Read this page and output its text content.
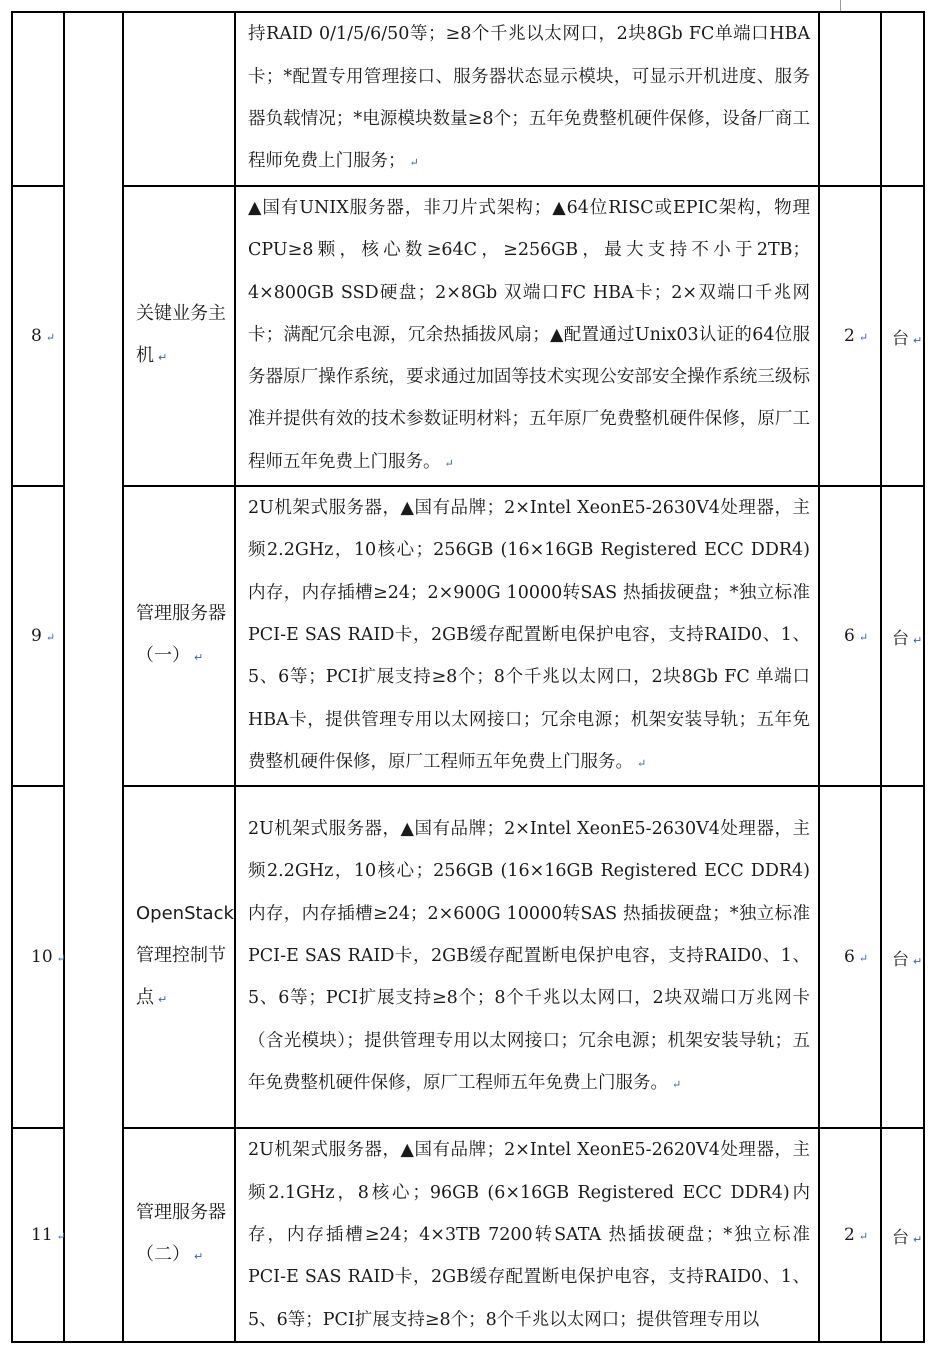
			持RAID 0/1/5/6/50等；≥8个千兆以太网口，2块8Gb FC单端口HBA卡；*配置专用管理接口、服务器状态显示模块，可显示开机进度、服务器负载情况；*电源模块数量≥8个；五年免费整机硬件保修，设备厂商工程师免费上门服务； ↵		
8 ↵		关键业务主机 ↵	▲国有UNIX服务器，非刀片式架构；▲64位RISC或EPIC架构，物理CPU≥8颗，核心数≥64C，≥256GB，最大支持不小于2TB；4×800GB SSD硬盘；2×8Gb 双端口FC HBA卡；2×双端口千兆网卡；满配冗余电源，冗余热插拔风扇；▲配置通过Unix03认证的64位服务器原厂操作系统，要求通过加固等技术实现公安部安全操作系统三级标准并提供有效的技术参数证明材料；五年原厂免费整机硬件保修，原厂工程师五年免费上门服务。 ↵	2 ↵	台 ↵
9 ↵		管理服务器（一） ↵	2U机架式服务器，▲国有品牌；2×Intel XeonE5-2630V4处理器，主频2.2GHz，10核心；256GB (16×16GB Registered ECC DDR4)内存，内存插槽≥24；2×900G 10000转SAS 热插拔硬盘；*独立标准PCI-E SAS RAID卡，2GB缓存配置断电保护电容，支持RAID0、1、5、6等；PCI扩展支持≥8个；8个千兆以太网口，2块8Gb FC 单端口HBA卡，提供管理专用以太网接口；冗余电源；机架安装导轨；五年免费整机硬件保修，原厂工程师五年免费上门服务。 ↵	6 ↵	台 ↵
10 ↵		OpenStack管理控制节点 ↵	2U机架式服务器，▲国有品牌；2×Intel XeonE5-2630V4处理器，主频2.2GHz，10核心；256GB (16×16GB Registered ECC DDR4)内存，内存插槽≥24；2×600G 10000转SAS 热插拔硬盘；*独立标准PCI-E SAS RAID卡，2GB缓存配置断电保护电容，支持RAID0、1、5、6等；PCI扩展支持≥8个；8个千兆以太网口，2块双端口万兆网卡（含光模块）；提供管理专用以太网接口；冗余电源；机架安装导轨；五年免费整机硬件保修，原厂工程师五年免费上门服务。 ↵	6 ↵	台 ↵
11 ↵		管理服务器（二） ↵	2U机架式服务器，▲国有品牌；2×Intel XeonE5-2620V4处理器，主频2.1GHz，8核心；96GB (6×16GB Registered ECC DDR4)内存，内存插槽≥24；4×3TB 7200转SATA 热插拔硬盘；*独立标准PCI-E SAS RAID卡，2GB缓存配置断电保护电容，支持RAID0、1、5、6等；PCI扩展支持≥8个；8个千兆以太网口；提供管理专用以	2 ↵	台 ↵
